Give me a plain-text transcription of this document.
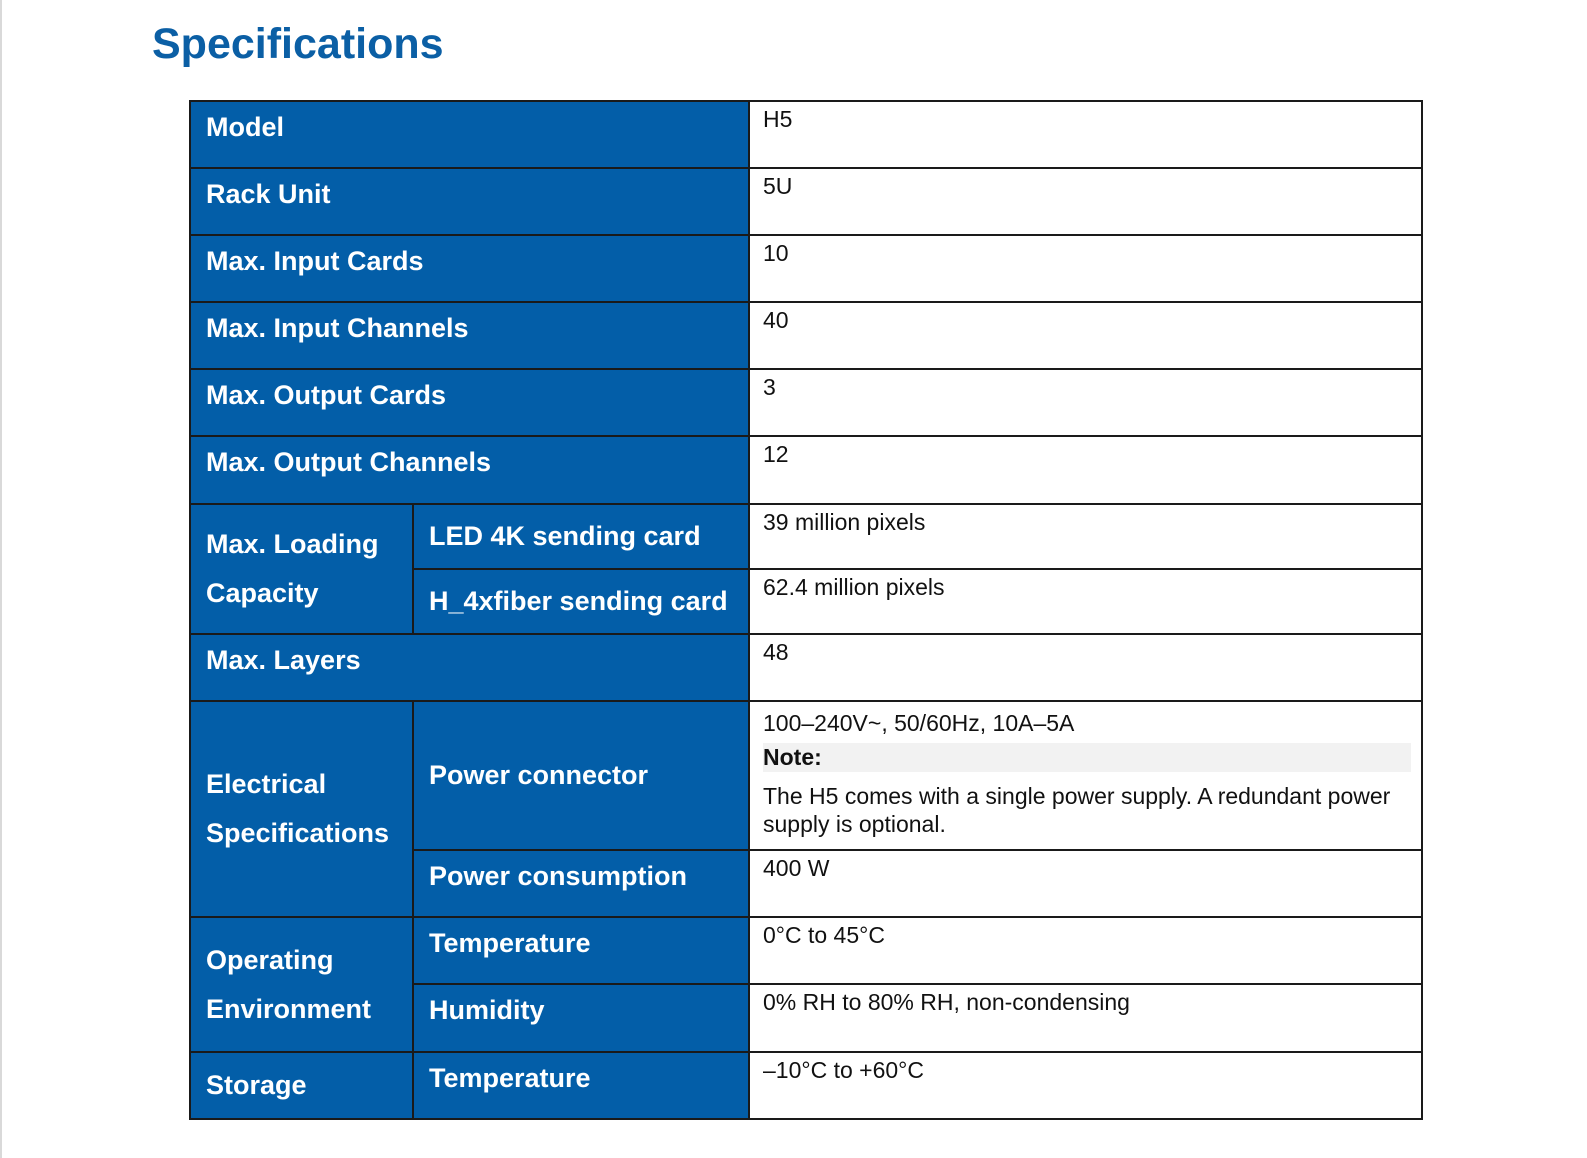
Specifications
Model		H5
Rack Unit		5U
Max. Input Cards		10
Max. Input Channels		40
Max. Output Cards		3
Max. Output Channels		12
Max. Loading Capacity	LED 4K sending card	39 million pixels
	H_4xfiber sending card	62.4 million pixels
Max. Layers		48
Electrical Specifications	Power connector	100–240V~, 50/60Hz, 10A–5A
Note:
The H5 comes with a single power supply. A redundant power supply is optional.

	Power consumption	400 W
Operating Environment	Temperature	0°C to 45°C
	Humidity	0% RH to 80% RH, non-condensing
Storage	Temperature	–10°C to +60°C
